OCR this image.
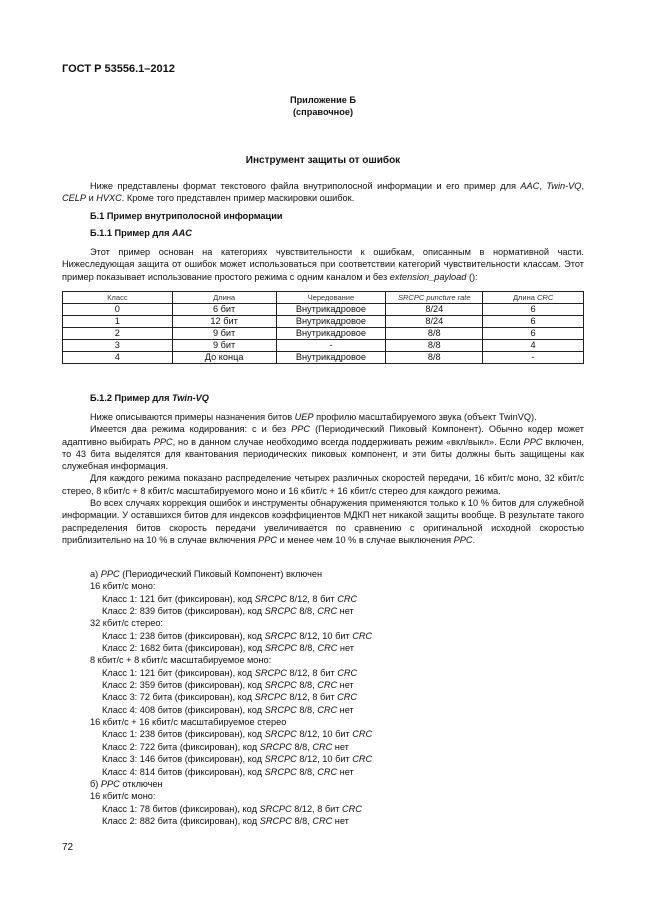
ГОСТ Р 53556.1–2012
Приложение Б
(справочное)
Инструмент защиты от ошибок
Ниже представлены формат текстового файла внутриполосной информации и его пример для AAC, Twin-VQ, CELP и HVXC. Кроме того представлен пример маскировки ошибок.
Б.1 Пример внутриполосной информации
Б.1.1 Пример для AAC
Этот пример основан на категориях чувствительности к ошибкам, описанным в нормативной части. Нижеследующая защита от ошибок может использоваться при соответствии категорий чувствительности классам. Этот пример показывает использование простого режима с одним каналом и без extension_payload ():
Класс	Длина	Чередование	SRCPC puncture rate	Длина CRC
0	6 бит	Внутрикадровое	8/24	6
1	12 бит	Внутрикадровое	8/24	6
2	9 бит	Внутрикадровое	8/8	6
3	9 бит	-	8/8	4
4	До конца	Внутрикадровое	8/8	-
Б.1.2 Пример для Twin-VQ
Ниже описываются примеры назначения битов UEP профилю масштабируемого звука (объект TwinVQ).
Имеется два режима кодирования: с и без PPC (Периодический Пиковый Компонент). Обычно кодер может адаптивно выбирать PPC, но в данном случае необходимо всегда поддерживать режим «вкл/выкл». Если PPC включен, то 43 бита выделятся для квантования периодических пиковых компонент, и эти биты должны быть защищены как служебная информация.
Для каждого режима показано распределение четырех различных скоростей передачи, 16 кбит/с моно, 32 кбит/с стерео, 8 кбит/с + 8 кбит/с масштабируемого моно и 16 кбит/с + 16 кбит/с стерео для каждого режима.
Во всех случаях коррекция ошибок и инструменты обнаружения применяются только к 10 % битов для служебной информации. У оставшихся битов для индексов коэффициентов МДКП нет никакой защиты вообще. В результате такого распределения битов скорость передачи увеличивается по сравнению с оригинальной исходной скоростью приблизительно на 10 % в случае включения PPC и менее чем 10 % в случае выключения PPC.
а) PPC (Периодический Пиковый Компонент) включен
16 кбит/с моно:
Класс 1: 121 бит (фиксирован), код SRCPC 8/12, 8 бит CRC
Класс 2: 839 битов (фиксирован), код SRCPC 8/8, CRC нет
32 кбит/с стерео:
Класс 1: 238 битов (фиксирован), код SRCPC 8/12, 10 бит CRC
Класс 2: 1682 бита (фиксирован), код SRCPC 8/8, CRC нет
8 кбит/с + 8 кбит/с масштабируемое моно:
Класс 1: 121 бит (фиксирован), код SRCPC 8/12, 8 бит CRC
Класс 2: 359 битов (фиксирован), код SRCPC 8/8, CRC нет
Класс 3: 72 бита (фиксирован), код SRCPC 8/12, 8 бит CRC
Класс 4: 408 битов (фиксирован), код SRCPC 8/8, CRC нет
16 кбит/с + 16 кбит/с масштабируемое стерео
Класс 1: 238 битов (фиксирован), код SRCPC 8/12, 10 бит CRC
Класс 2: 722 бита (фиксирован), код SRCPC 8/8, CRC нет
Класс 3: 146 битов (фиксирован), код SRCPC 8/12, 10 бит CRC
Класс 4: 814 битов (фиксирован), код SRCPC 8/8, CRC нет
б) PPC отключен
16 кбит/с моно:
Класс 1: 78 битов (фиксирован), код SRCPC 8/12, 8 бит CRC
Класс 2: 882 бита (фиксирован), код SRCPC 8/8, CRC нет
72
